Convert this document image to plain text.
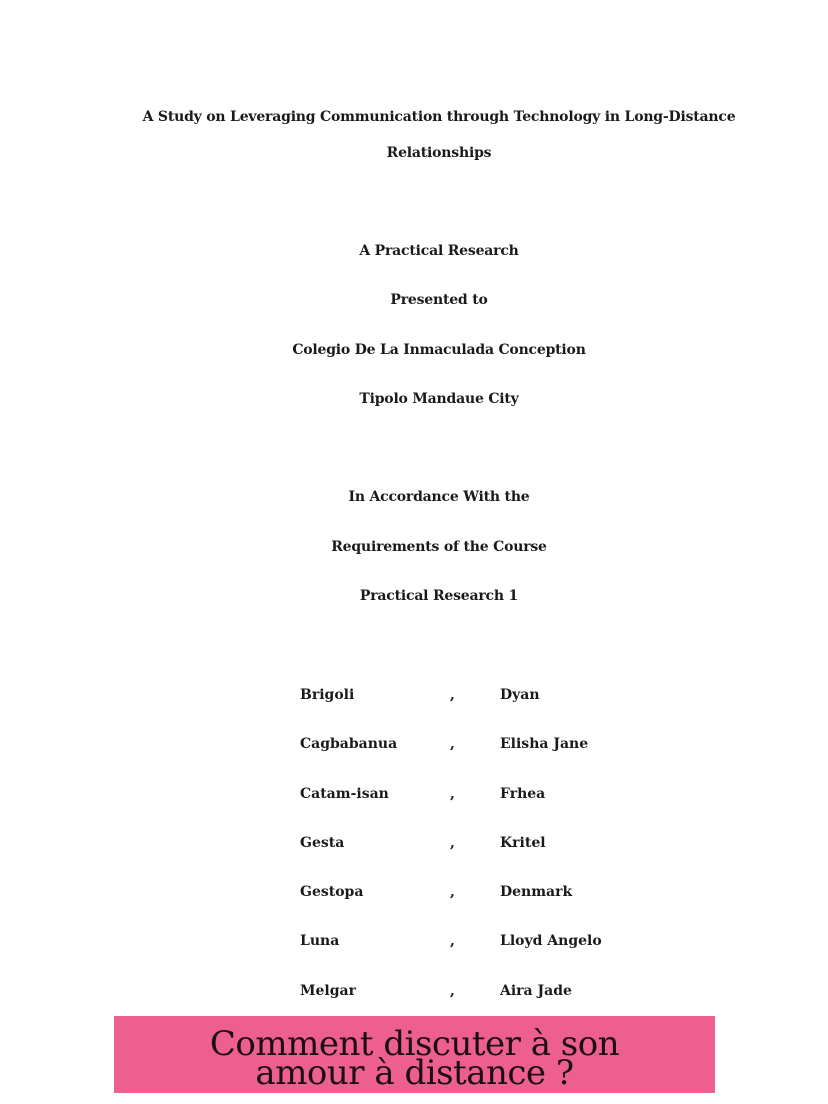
A Study on Leveraging Communication through Technology in Long-Distance
Relationships
A Practical Research
Presented to
Colegio De La Inmaculada Conception
Tipolo Mandaue City
In Accordance With the
Requirements of the Course
Practical Research 1
Brigoli	,	Dyan
Cagbabanua	,	Elisha Jane
Catam-isan	,	Frhea
Gesta	,	Kritel
Gestopa	,	Denmark
Luna	,	Lloyd Angelo
Melgar	,	Aira Jade
Comment discuter à son
amour à distance ?
